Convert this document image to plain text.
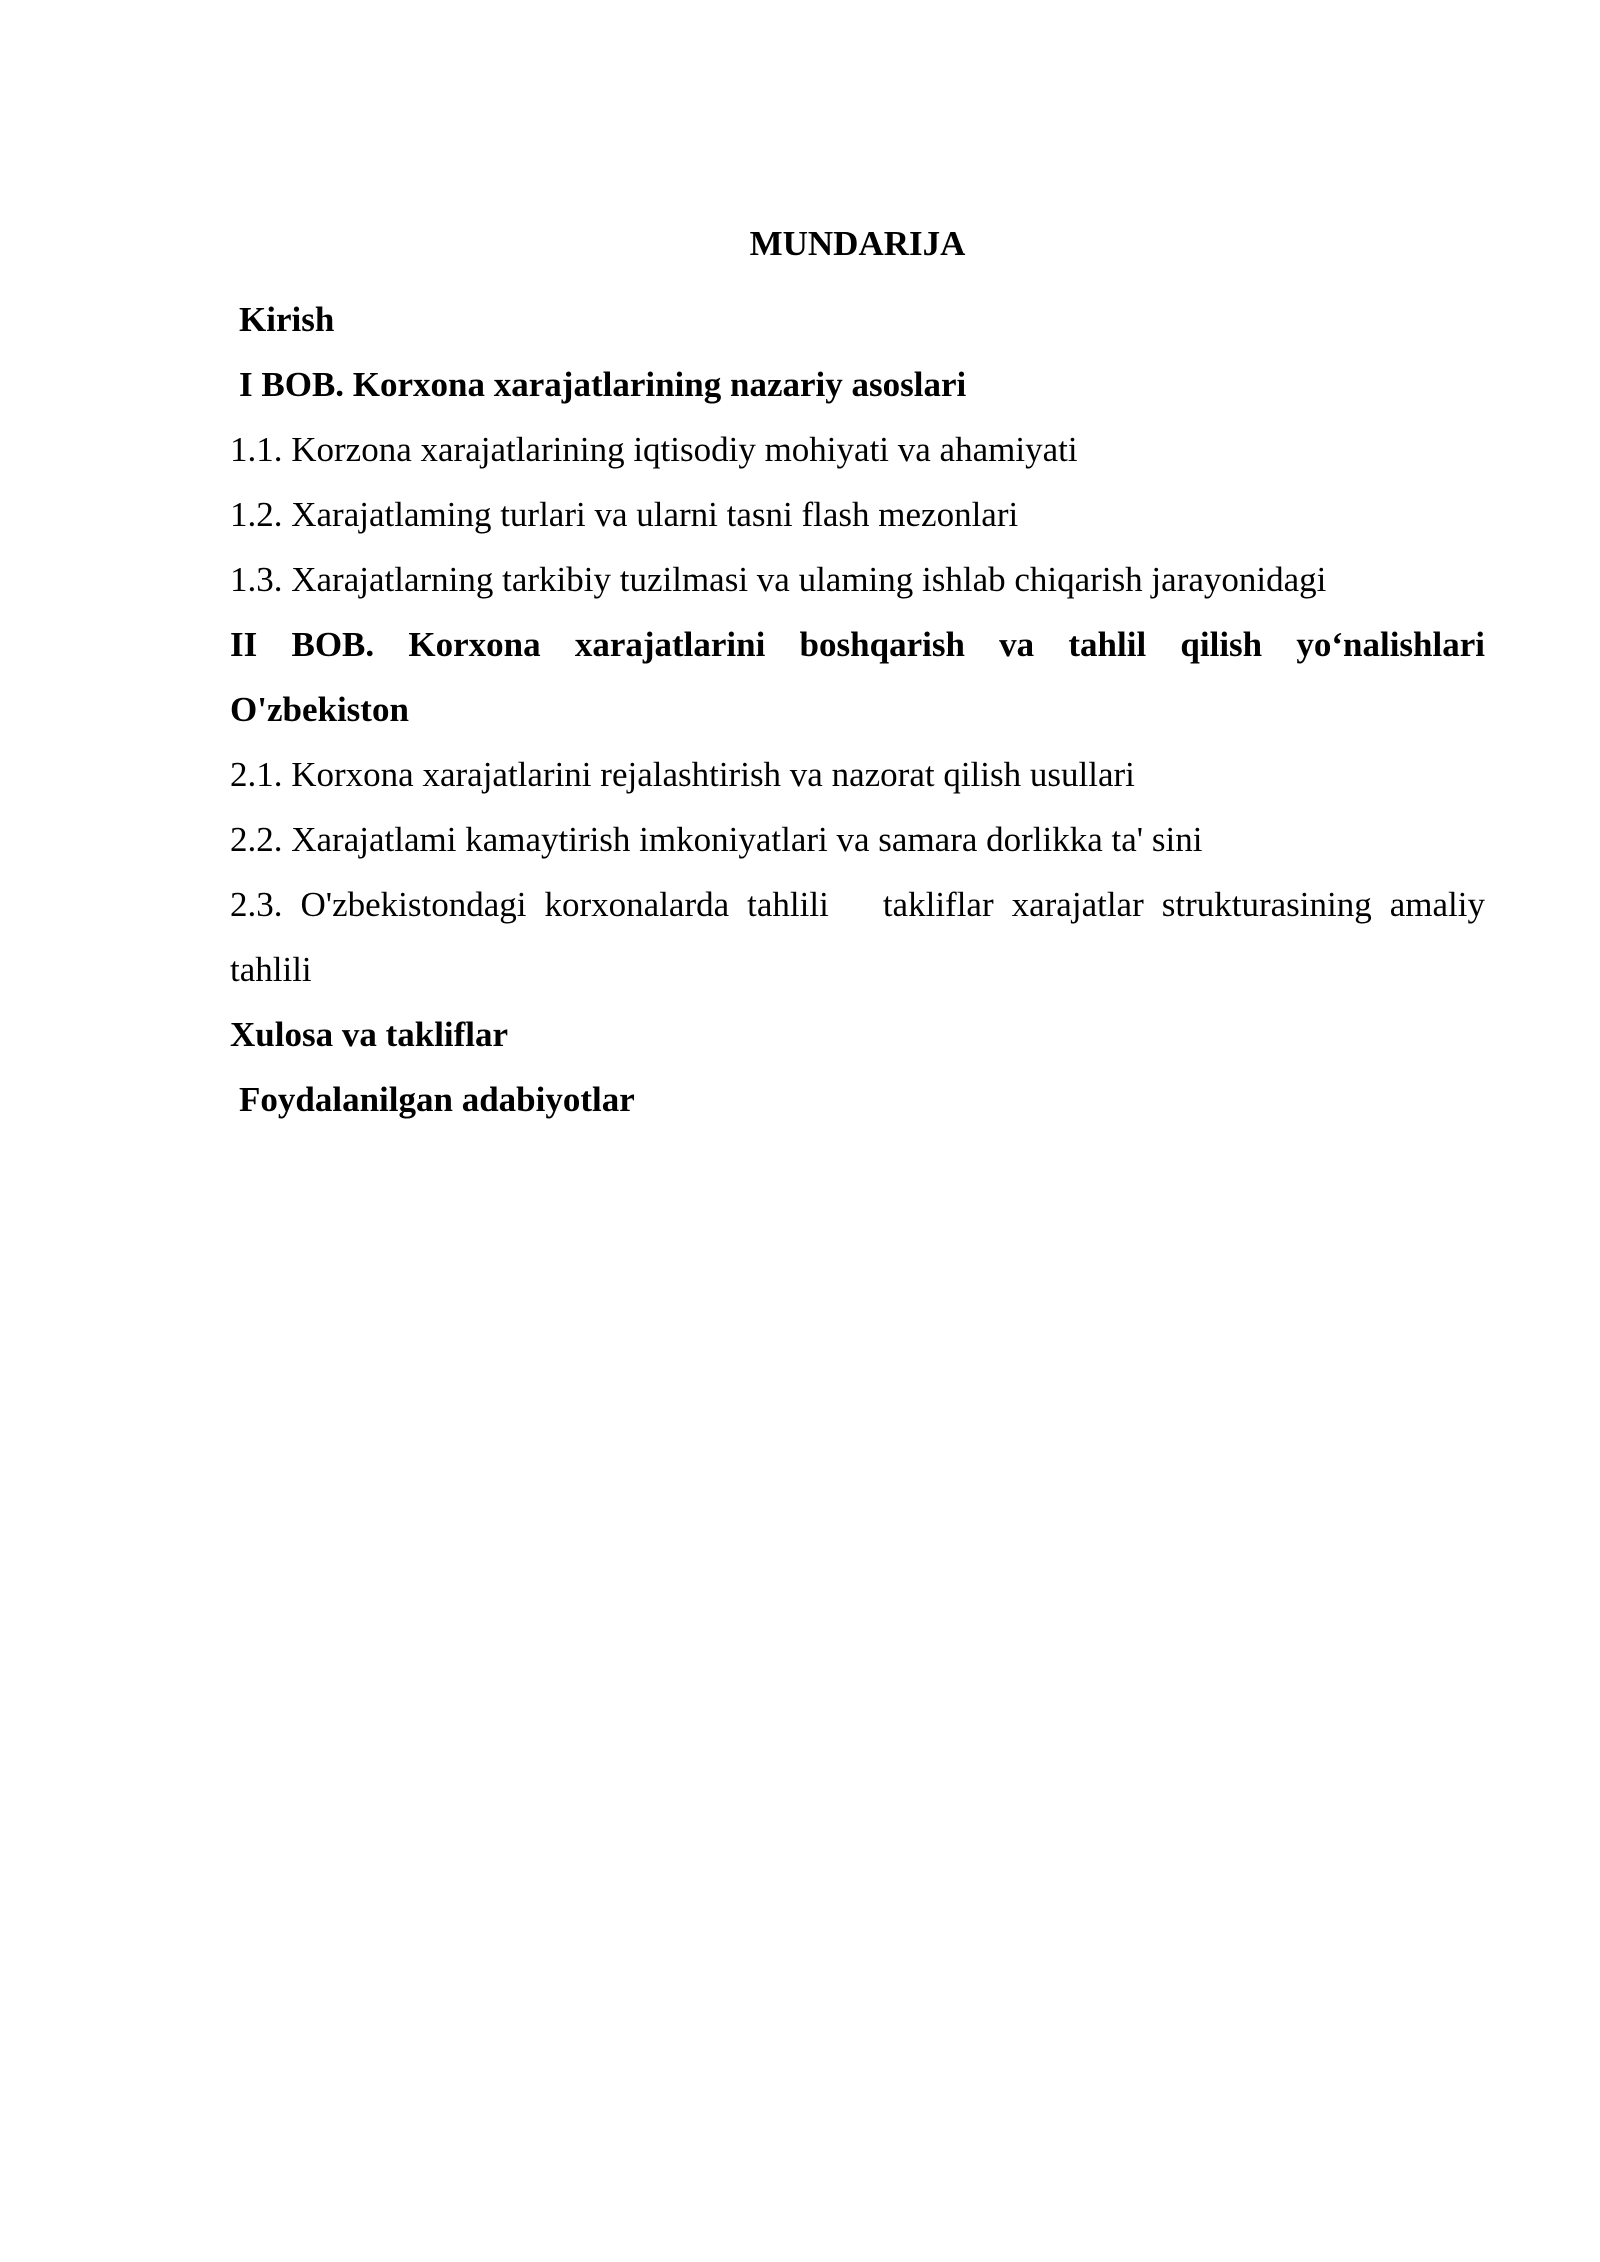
MUNDARIJA
Kirish
I BOB. Korxona xarajatlarining nazariy asoslari
1.1. Korzona xarajatlarining iqtisodiy mohiyati va ahamiyati
1.2. Xarajatlaming turlari va ularni tasni flash mezonlari
1.3. Xarajatlarning tarkibiy tuzilmasi va ulaming ishlab chiqarish jarayonidagi
II BOB. Korxona xarajatlarini boshqarish va tahlil qilish yo‘nalishlari
O'zbekiston
2.1. Korxona xarajatlarini rejalashtirish va nazorat qilish usullari
2.2. Xarajatlami kamaytirish imkoniyatlari va samara dorlikka ta' sini
2.3. O'zbekistondagi korxonalarda tahlili   takliflar xarajatlar strukturasining amaliy
tahlili
Xulosa va takliflar
Foydalanilgan adabiyotlar
